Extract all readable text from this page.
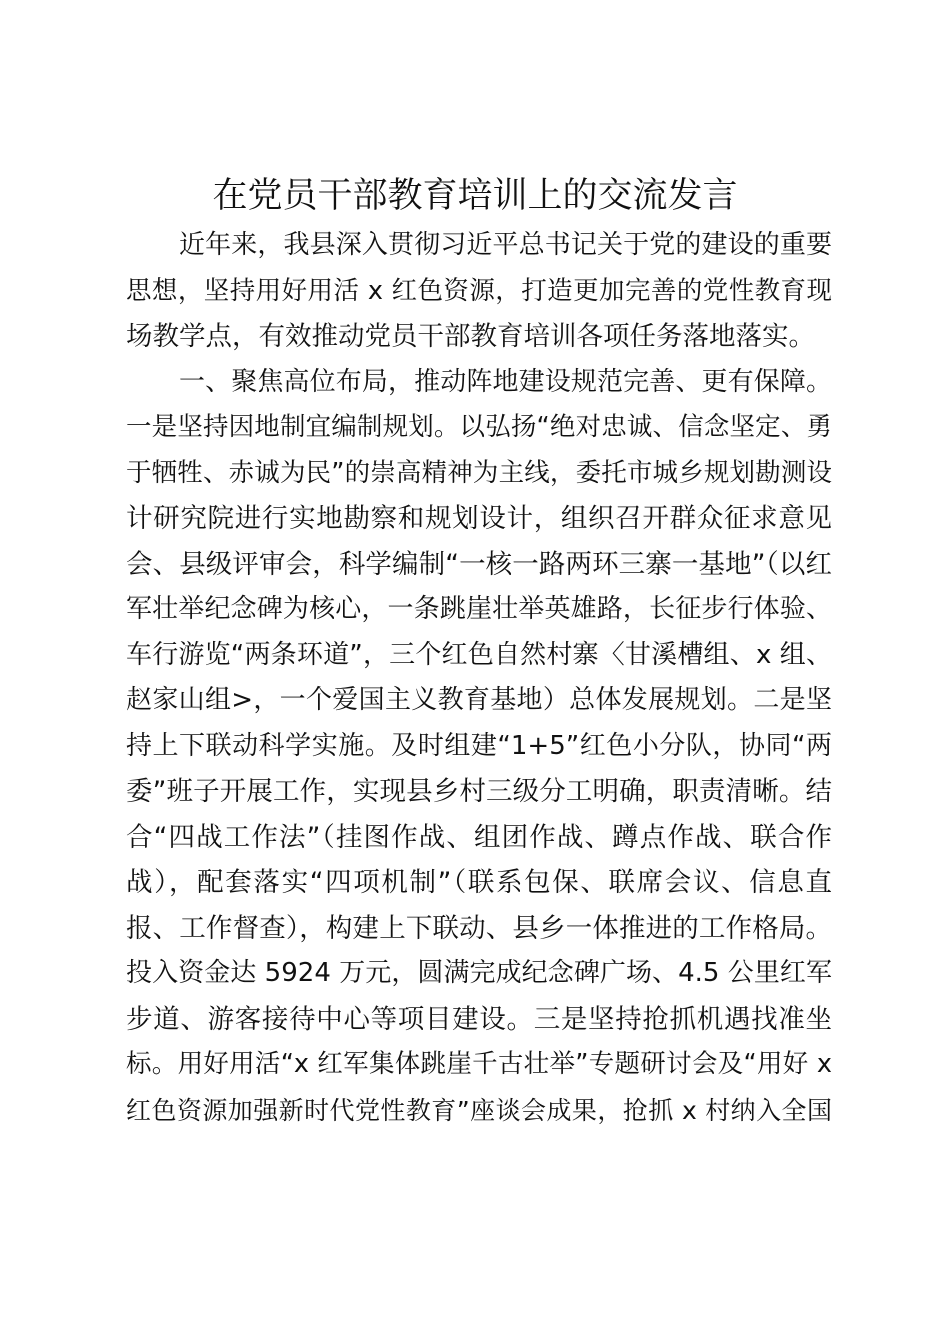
在党员干部教育培训上的交流发言
近年来，我县深入贯彻习近平总书记关于党的建设的重要
思想，坚持用好用活 x 红色资源，打造更加完善的党性教育现
场教学点，有效推动党员干部教育培训各项任务落地落实。
一、聚焦高位布局，推动阵地建设规范完善、更有保障。
一是坚持因地制宜编制规划。以弘扬“绝对忠诚、信念坚定、勇
于牺牲、赤诚为民”的崇高精神为主线，委托市城乡规划勘测设
计研究院进行实地勘察和规划设计，组织召开群众征求意见
会、县级评审会，科学编制“一核一路两环三寨一基地”（以红
军壮举纪念碑为核心，一条跳崖壮举英雄路，长征步行体验、
车行游览“两条环道”，三个红色自然村寨〈甘溪槽组、x 组、
赵家山组>，一个爱国主义教育基地）总体发展规划。二是坚
持上下联动科学实施。及时组建“1+5”红色小分队，协同“两
委”班子开展工作，实现县乡村三级分工明确，职责清晰。结
合“四战工作法”（挂图作战、组团作战、蹲点作战、联合作
战），配套落实“四项机制”（联系包保、联席会议、信息直
报、工作督查），构建上下联动、县乡一体推进的工作格局。
投入资金达 5924 万元，圆满完成纪念碑广场、4.5 公里红军
步道、游客接待中心等项目建设。三是坚持抢抓机遇找准坐
标。用好用活“x 红军集体跳崖千古壮举”专题研讨会及“用好 x
红色资源加强新时代党性教育”座谈会成果，抢抓 x 村纳入全国
